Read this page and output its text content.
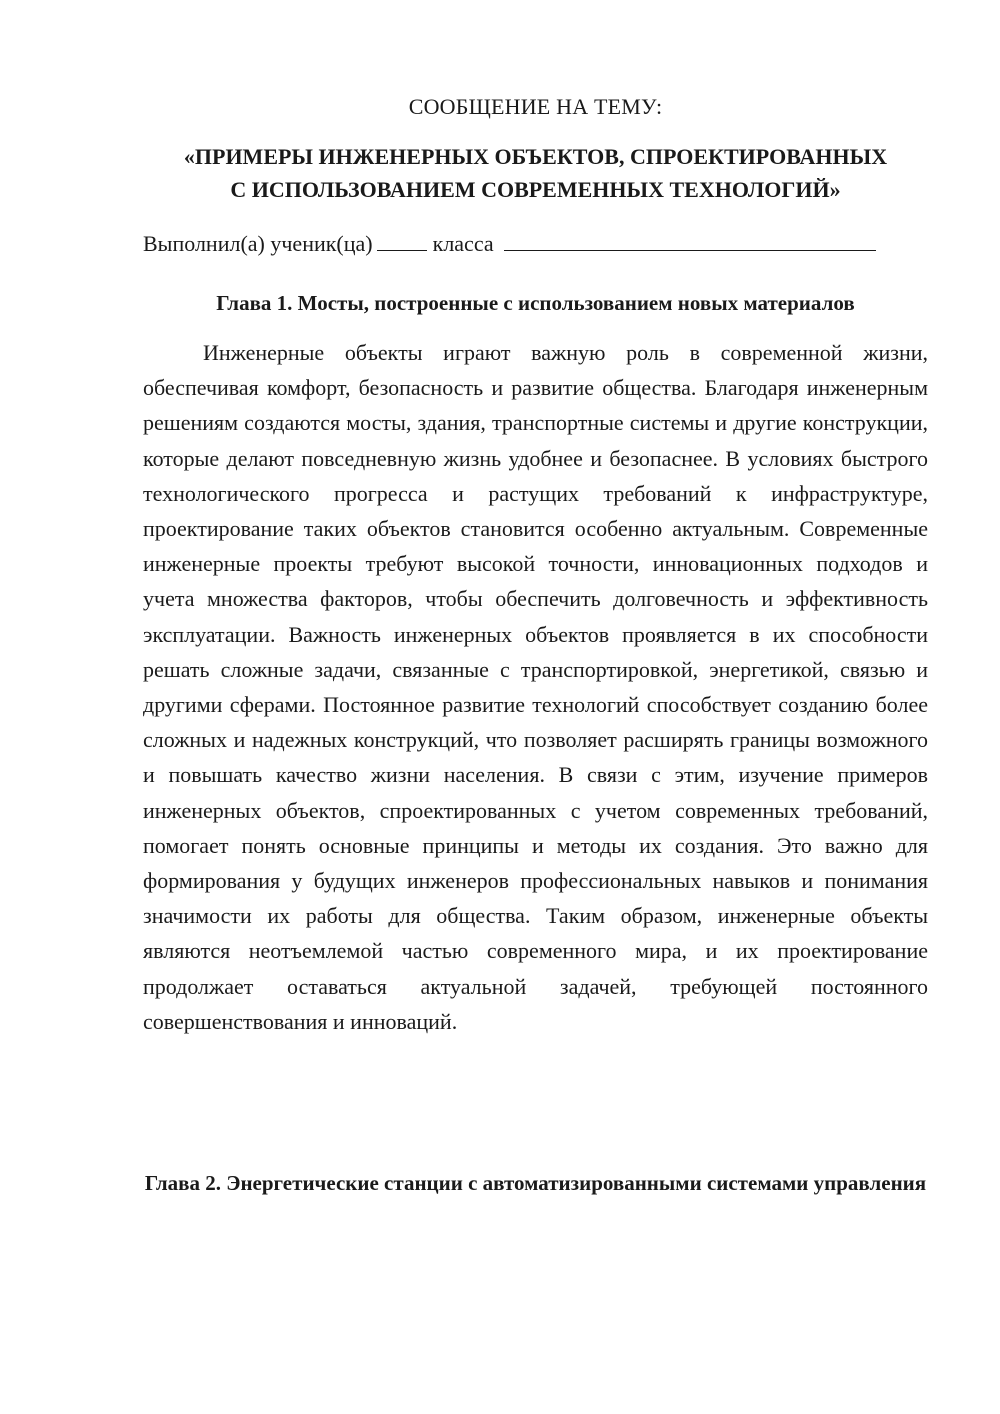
СООБЩЕНИЕ НА ТЕМУ:
«ПРИМЕРЫ ИНЖЕНЕРНЫХ ОБЪЕКТОВ, СПРОЕКТИРОВАННЫХ
С ИСПОЛЬЗОВАНИЕМ СОВРЕМЕННЫХ ТЕХНОЛОГИЙ»
Выполнил(а) ученик(ца)	класса
Глава 1. Мосты, построенные с использованием новых материалов

Инженерные объекты играют важную роль в современной жизни, обеспечивая комфорт, безопасность и развитие общества. Благодаря инженерным решениям создаются мосты, здания, транспортные системы и другие конструкции, которые делают повседневную жизнь удобнее и безопаснее. В условиях быстрого технологического прогресса и растущих требований к инфраструктуре, проектирование таких объектов становится особенно актуальным. Современные инженерные проекты требуют высокой точности, инновационных подходов и учета множества факторов, чтобы обеспечить долговечность и эффективность эксплуатации. Важность инженерных объектов проявляется в их способности решать сложные задачи, связанные с транспортировкой, энергетикой, связью и другими сферами. Постоянное развитие технологий способствует созданию более сложных и надежных конструкций, что позволяет расширять границы возможного и повышать качество жизни населения. В связи с этим, изучение примеров инженерных объектов, спроектированных с учетом современных требований, помогает понять основные принципы и методы их создания. Это важно для формирования у будущих инженеров профессиональных навыков и понимания значимости их работы для общества. Таким образом, инженерные объекты являются неотъемлемой частью современного мира, и их проектирование продолжает оставаться актуальной задачей, требующей постоянного совершенствования и инноваций.

Глава 2. Энергетические станции с автоматизированными системами управления
